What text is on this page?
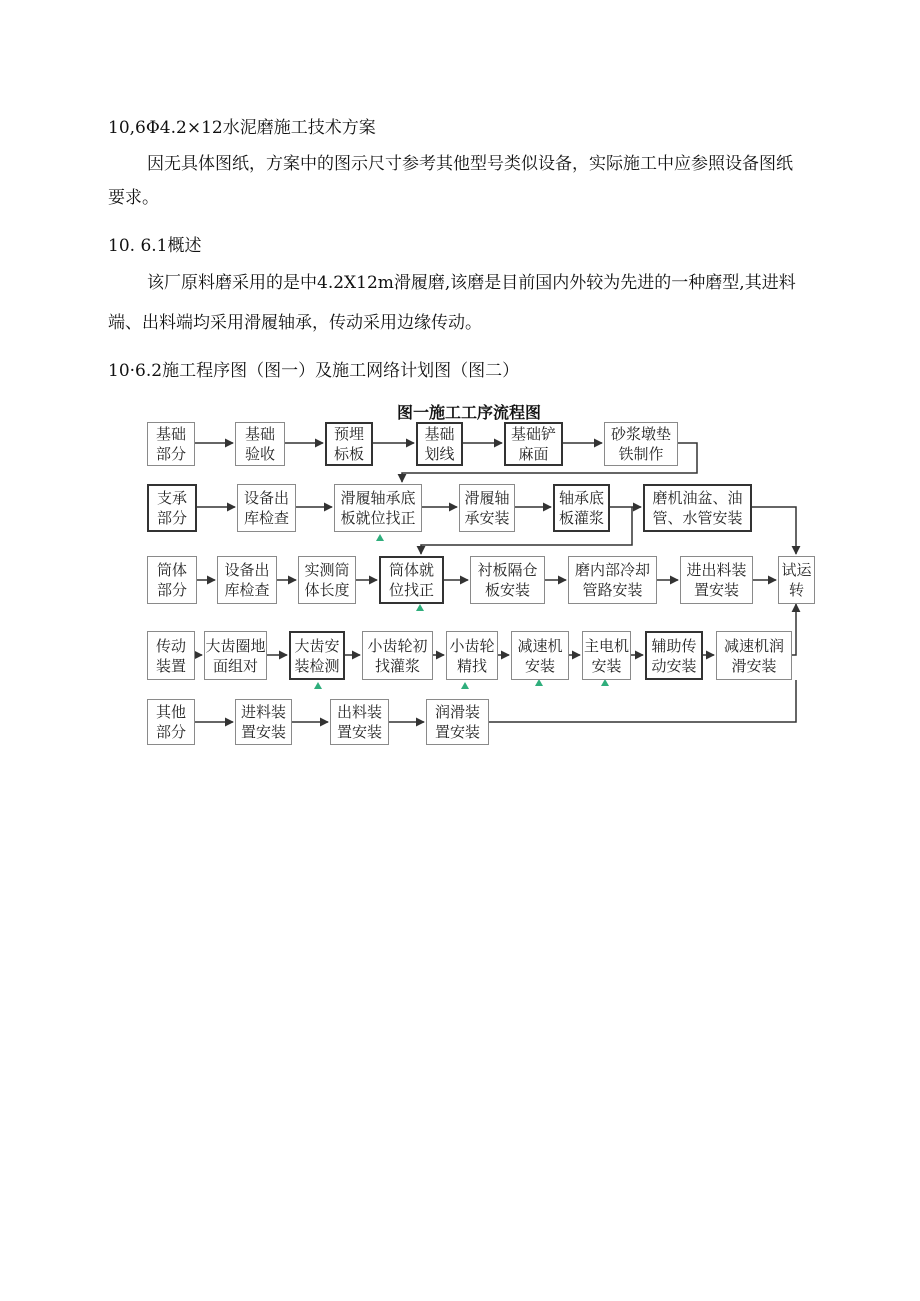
10,6Φ4.2×12水泥磨施工技术方案
因无具体图纸，方案中的图示尺寸参考其他型号类似设备，实际施工中应参照设备图纸
要求。
10. 6.1概述
该厂原料磨采用的是中4.2X12m滑履磨,该磨是目前国内外较为先进的一种磨型,其进料
端、出料端均采用滑履轴承，传动采用边缘传动。
10·6.2施工程序图（图一）及施工网络计划图（图二）
图一施工工序流程图
基础
部分
基础
验收
预埋
标板
基础
划线
基础铲
麻面
砂浆墩垫
铁制作
支承
部分
设备出
库检查
滑履轴承底
板就位找正
滑履轴
承安装
轴承底
板灌浆
磨机油盆、油
管、水管安装
筒体
部分
设备出
库检查
实测筒
体长度
筒体就
位找正
衬板隔仓
板安装
磨内部冷却
管路安装
进出料装
置安装
试运
转
传动
装置
大齿圈地
面组对
大齿安
装检测
小齿轮初
找灌浆
小齿轮
精找
减速机
安装
主电机
安装
辅助传
动安装
减速机润
滑安装
其他
部分
进料装
置安装
出料装
置安装
润滑装
置安装
